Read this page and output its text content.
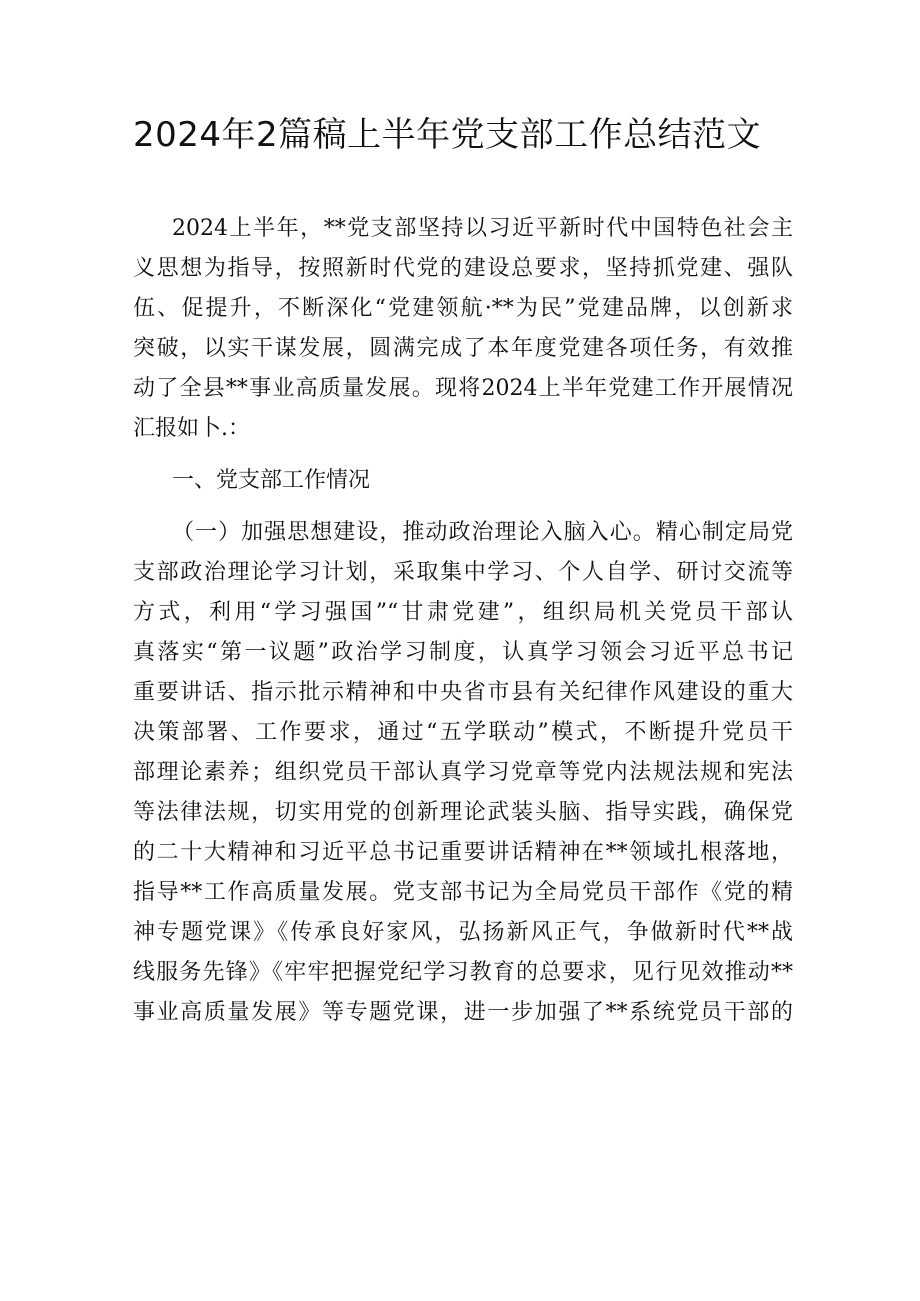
2024年2篇稿上半年党支部工作总结范文

2024上半年，**党支部坚持以习近平新时代中国特色社会主

义思想为指导，按照新时代党的建设总要求，坚持抓党建、强队

伍、促提升，不断深化“党建领航·**为民”党建品牌，以创新求

突破，以实干谋发展，圆满完成了本年度党建各项任务，有效推

动了全县**事业高质量发展。现将2024上半年党建工作开展情况

汇报如卜.：

一、党支部工作情况

（一）加强思想建设，推动政治理论入脑入心。精心制定局党

支部政治理论学习计划，采取集中学习、个人自学、研讨交流等

方式，利用“学习强国”“甘肃党建”，组织局机关党员干部认

真落实“第一议题”政治学习制度，认真学习领会习近平总书记

重要讲话、指示批示精神和中央省市县有关纪律作风建设的重大

决策部署、工作要求，通过“五学联动”模式，不断提升党员干

部理论素养；组织党员干部认真学习党章等党内法规法规和宪法

等法律法规，切实用党的创新理论武装头脑、指导实践，确保党

的二十大精神和习近平总书记重要讲话精神在**领域扎根落地，

指导**工作高质量发展。党支部书记为全局党员干部作《党的精

神专题党课》《传承良好家风，弘扬新风正气，争做新时代**战

线服务先锋》《牢牢把握党纪学习教育的总要求，见行见效推动**

事业高质量发展》等专题党课，进一步加强了**系统党员干部的
